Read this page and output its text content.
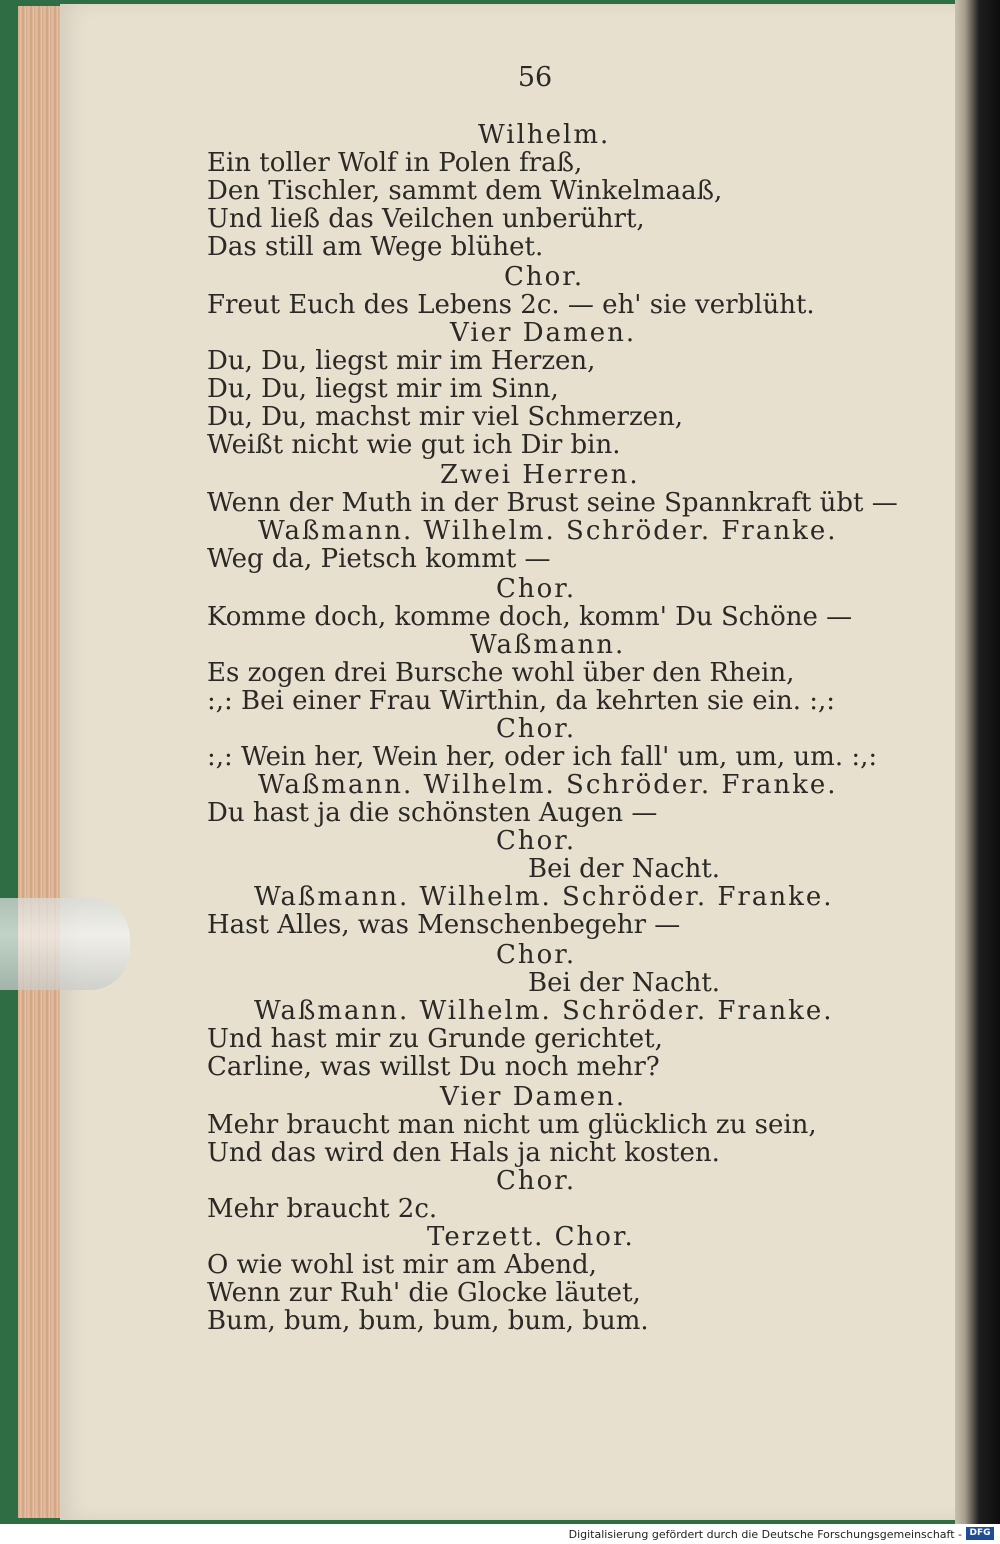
56
Wilhelm.
Ein toller Wolf in Polen fraß,
Den Tischler, sammt dem Winkelmaaß,
Und ließ das Veilchen unberührt,
Das still am Wege blühet.
Chor.
Freut Euch des Lebens 2c. — eh' sie verblüht.
Vier Damen.
Du, Du, liegst mir im Herzen,
Du, Du, liegst mir im Sinn,
Du, Du, machst mir viel Schmerzen,
Weißt nicht wie gut ich Dir bin.
Zwei Herren.
Wenn der Muth in der Brust seine Spannkraft übt —
Waßmann. Wilhelm. Schröder. Franke.
Weg da, Pietsch kommt —
Chor.
Komme doch, komme doch, komm' Du Schöne —
Waßmann.
Es zogen drei Bursche wohl über den Rhein,
:,: Bei einer Frau Wirthin, da kehrten sie ein. :,:
Chor.
:,: Wein her, Wein her, oder ich fall' um, um, um. :,:
Waßmann. Wilhelm. Schröder. Franke.
Du hast ja die schönsten Augen —
Chor.
Bei der Nacht.
Waßmann. Wilhelm. Schröder. Franke.
Hast Alles, was Menschenbegehr —
Chor.
Bei der Nacht.
Waßmann. Wilhelm. Schröder. Franke.
Und hast mir zu Grunde gerichtet,
Carline, was willst Du noch mehr?
Vier Damen.
Mehr braucht man nicht um glücklich zu sein,
Und das wird den Hals ja nicht kosten.
Chor.
Mehr braucht 2c.
Terzett. Chor.
O wie wohl ist mir am Abend,
Wenn zur Ruh' die Glocke läutet,
Bum, bum, bum, bum, bum, bum.
Digitalisierung gefördert durch die Deutsche Forschungsgemeinschaft - DFG
